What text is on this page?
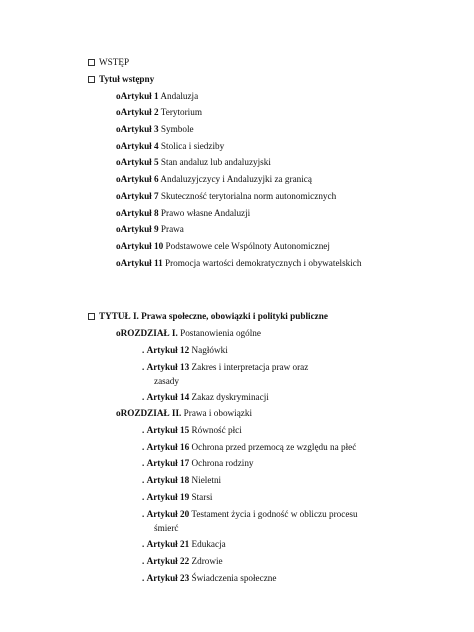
WSTĘP
Tytuł wstępny
oArtykuł 1 Andaluzja
oArtykuł 2 Terytorium
oArtykuł 3 Symbole
oArtykuł 4 Stolica i siedziby
oArtykuł 5 Stan andaluz lub andaluzyjski
oArtykuł 6 Andaluzyjczycy i Andaluzyjki za granicą
oArtykuł 7 Skuteczność terytorialna norm autonomicznych
oArtykuł 8 Prawo własne Andaluzji
oArtykuł 9 Prawa
oArtykuł 10 Podstawowe cele Wspólnoty Autonomicznej
oArtykuł 11 Promocja wartości demokratycznych i obywatelskich
TYTUŁ I. Prawa społeczne, obowiązki i polityki publiczne
oROZDZIAŁ I. Postanowienia ogólne
. Artykuł 12 Nagłówki
. Artykuł 13 Zakres i interpretacja praw oraz
zasady
. Artykuł 14 Zakaz dyskryminacji
oROZDZIAŁ II. Prawa i obowiązki
. Artykuł 15 Równość płci
. Artykuł 16 Ochrona przed przemocą ze względu na płeć
. Artykuł 17 Ochrona rodziny
. Artykuł 18 Nieletni
. Artykuł 19 Starsi
. Artykuł 20 Testament życia i godność w obliczu procesu
śmierć
. Artykuł 21 Edukacja
. Artykuł 22 Zdrowie
. Artykuł 23 Świadczenia społeczne
